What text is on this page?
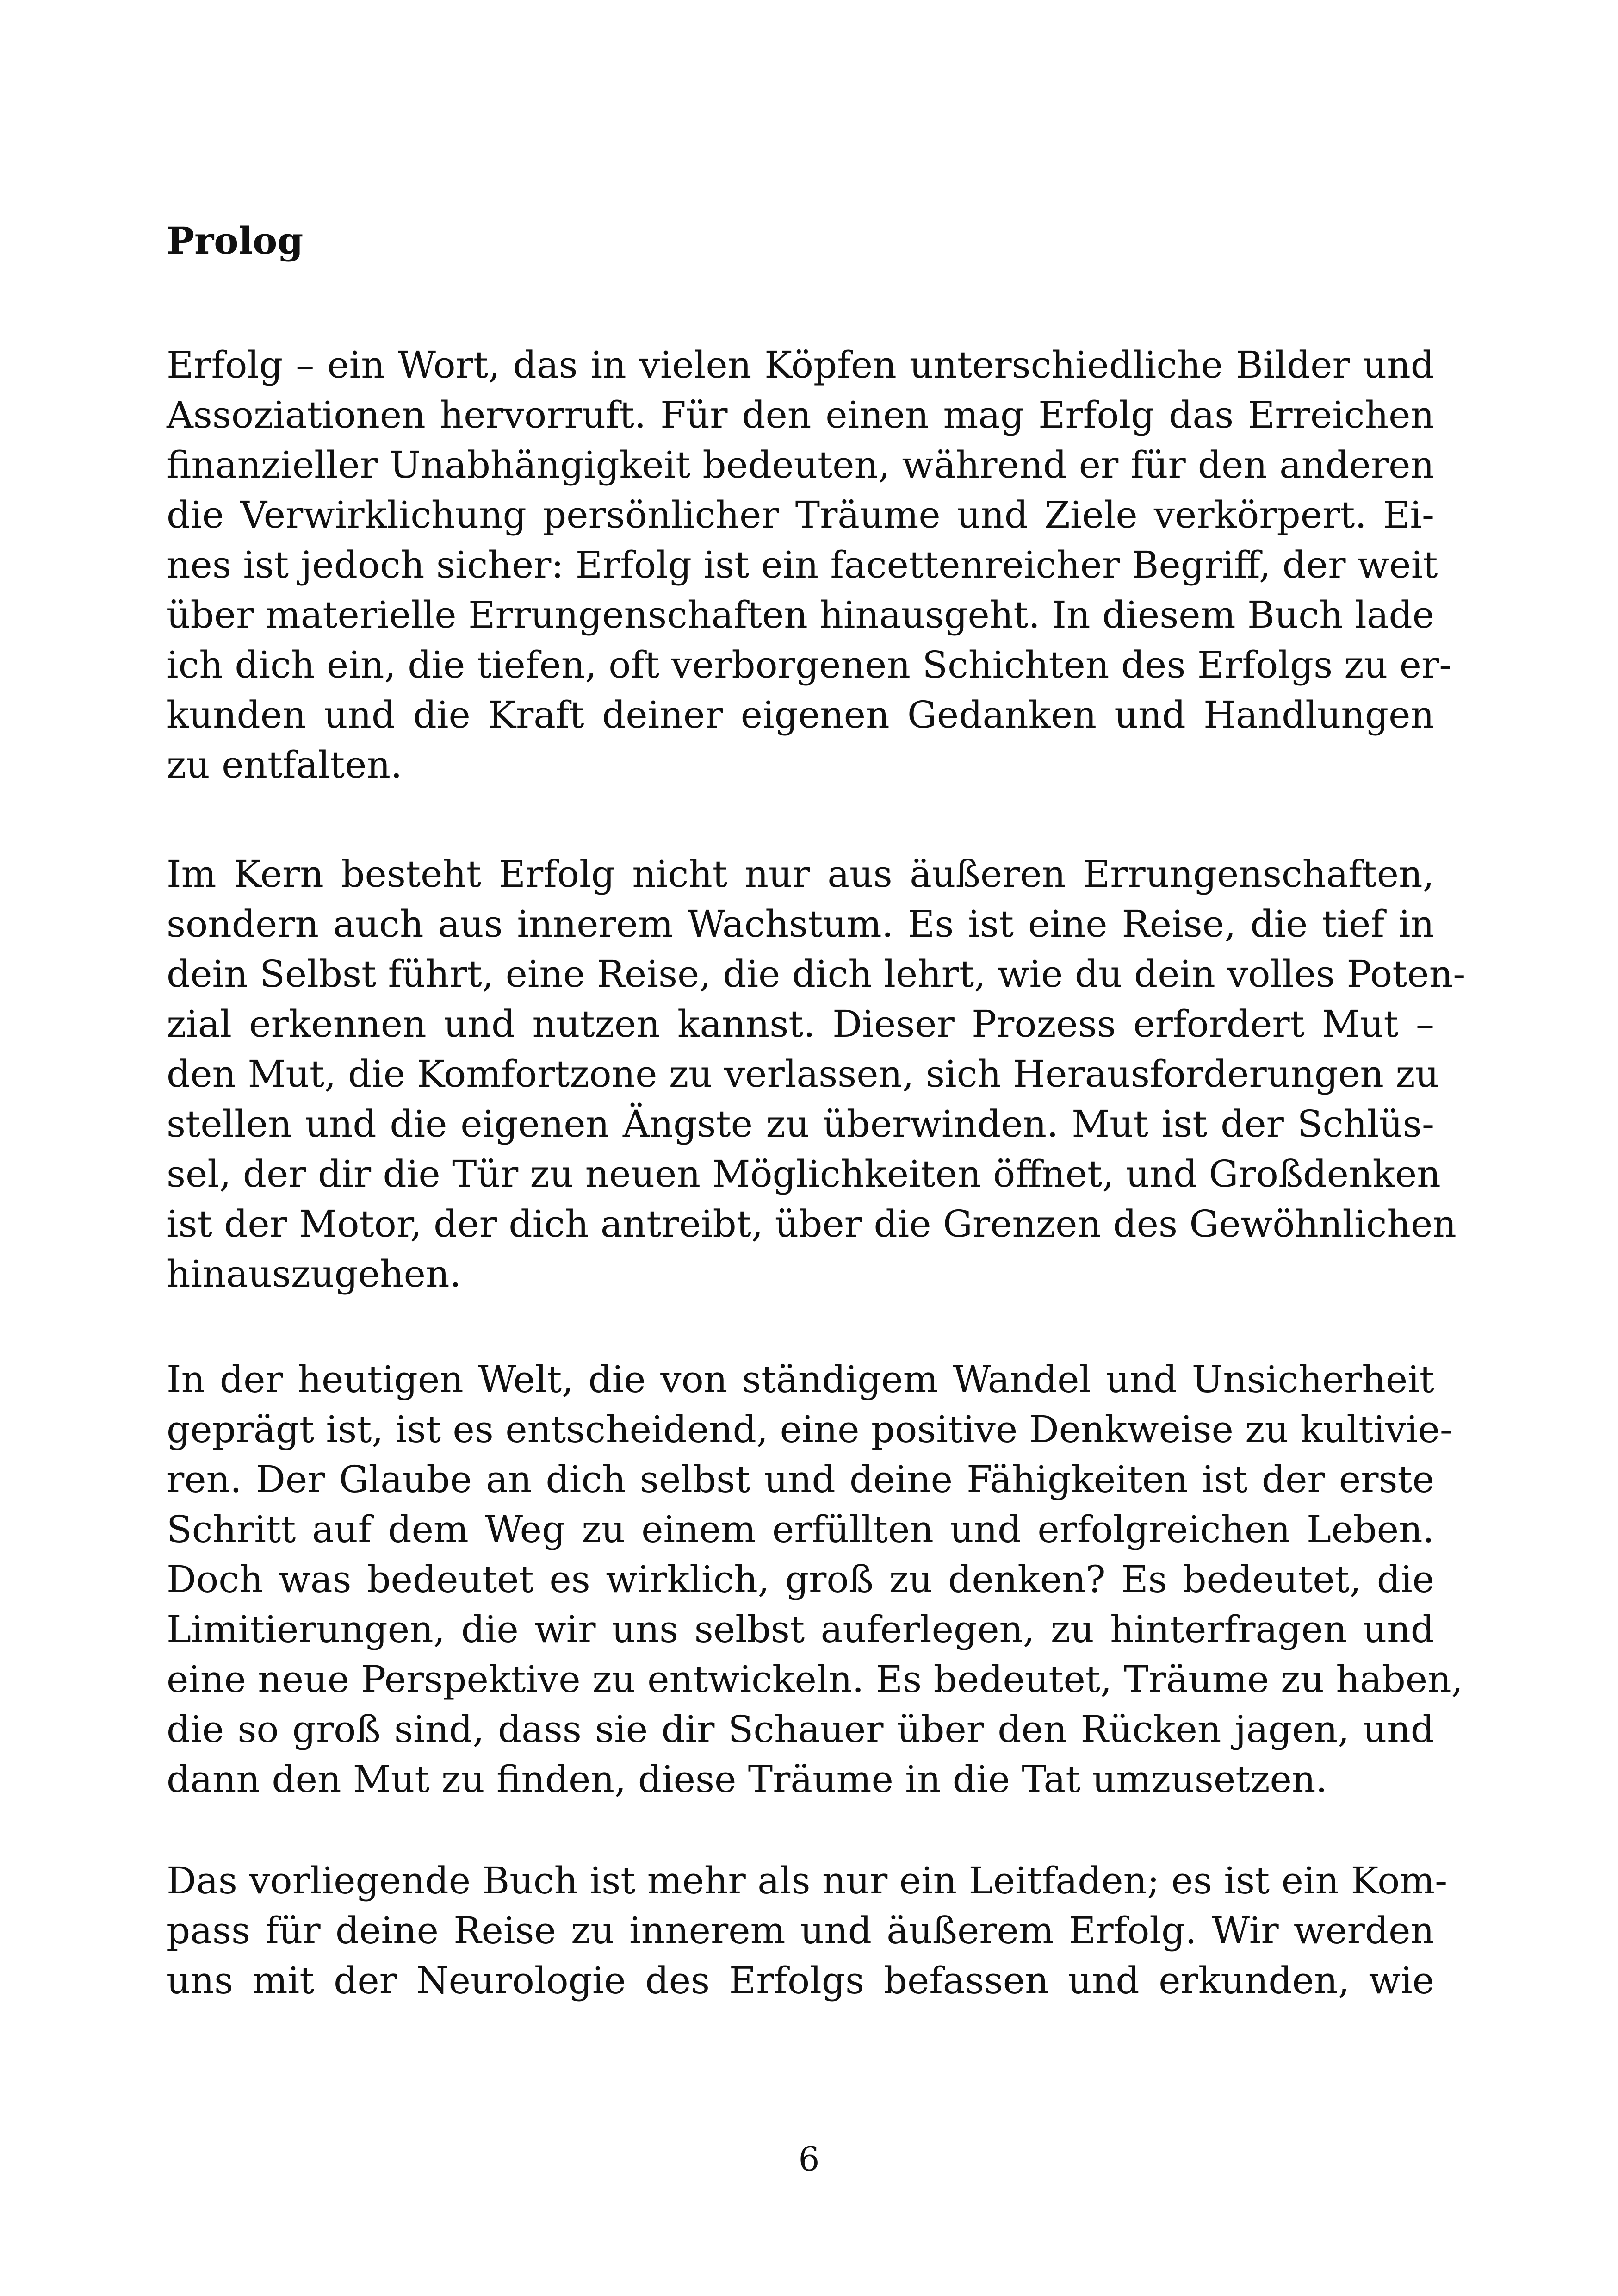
Prolog

Erfolg – ein Wort, das in vielen Köpfen unterschiedliche Bilder und
Assoziationen hervorruft. Für den einen mag Erfolg das Erreichen
finanzieller Unabhängigkeit bedeuten, während er für den anderen
die Verwirklichung persönlicher Träume und Ziele verkörpert. Ei-
nes ist jedoch sicher: Erfolg ist ein facettenreicher Begriff, der weit
über materielle Errungenschaften hinausgeht. In diesem Buch lade
ich dich ein, die tiefen, oft verborgenen Schichten des Erfolgs zu er-
kunden und die Kraft deiner eigenen Gedanken und Handlungen
zu entfalten.

Im Kern besteht Erfolg nicht nur aus äußeren Errungenschaften,
sondern auch aus innerem Wachstum. Es ist eine Reise, die tief in
dein Selbst führt, eine Reise, die dich lehrt, wie du dein volles Poten-
zial erkennen und nutzen kannst. Dieser Prozess erfordert Mut –
den Mut, die Komfortzone zu verlassen, sich Herausforderungen zu
stellen und die eigenen Ängste zu überwinden. Mut ist der Schlüs-
sel, der dir die Tür zu neuen Möglichkeiten öffnet, und Großdenken
ist der Motor, der dich antreibt, über die Grenzen des Gewöhnlichen
hinauszugehen.

In der heutigen Welt, die von ständigem Wandel und Unsicherheit
geprägt ist, ist es entscheidend, eine positive Denkweise zu kultivie-
ren. Der Glaube an dich selbst und deine Fähigkeiten ist der erste
Schritt auf dem Weg zu einem erfüllten und erfolgreichen Leben.
Doch was bedeutet es wirklich, groß zu denken? Es bedeutet, die
Limitierungen, die wir uns selbst auferlegen, zu hinterfragen und
eine neue Perspektive zu entwickeln. Es bedeutet, Träume zu haben,
die so groß sind, dass sie dir Schauer über den Rücken jagen, und
dann den Mut zu finden, diese Träume in die Tat umzusetzen.

Das vorliegende Buch ist mehr als nur ein Leitfaden; es ist ein Kom-
pass für deine Reise zu innerem und äußerem Erfolg. Wir werden
uns mit der Neurologie des Erfolgs befassen und erkunden, wie

6
